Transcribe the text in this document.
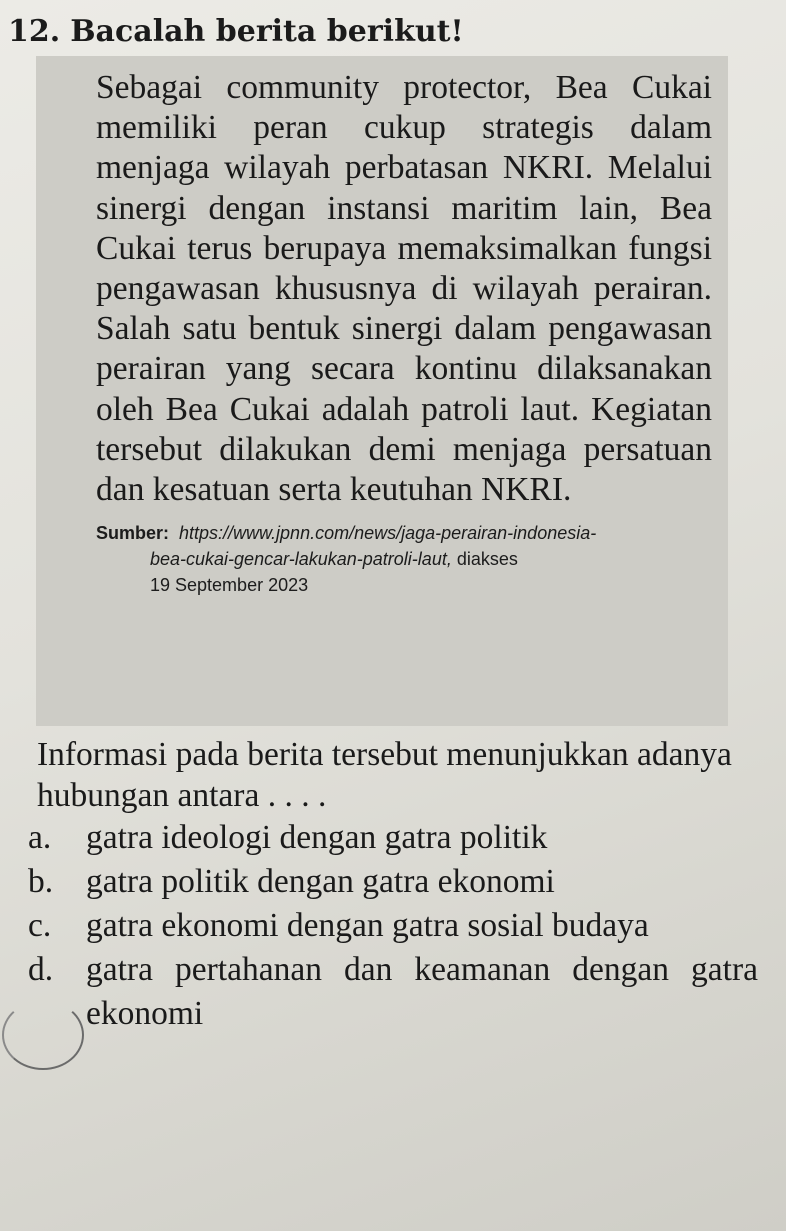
12. Bacalah berita berikut!

Sebagai community protector, Bea Cukai memiliki peran cukup strategis dalam menjaga wilayah perbatasan NKRI. Melalui sinergi dengan instansi maritim lain, Bea Cukai terus berupaya memaksimalkan fungsi pengawasan khususnya di wilayah perairan. Salah satu bentuk sinergi dalam pengawasan perairan yang secara kontinu dilaksanakan oleh Bea Cukai adalah patroli laut. Kegiatan tersebut dilakukan demi menjaga persatuan dan kesatuan serta keutuhan NKRI.

Sumber: https://www.jpnn.com/news/jaga-perairan-indonesia-
bea-cukai-gencar-lakukan-patroli-laut, diakses
19 September 2023

Informasi pada berita tersebut menunjukkan adanya hubungan antara . . . .

a.	gatra ideologi dengan gatra politik
b. gatra politik dengan gatra ekonomi
c.	gatra ekonomi dengan gatra sosial budaya
d. gatra pertahanan dan keamanan dengan gatra ekonomi
